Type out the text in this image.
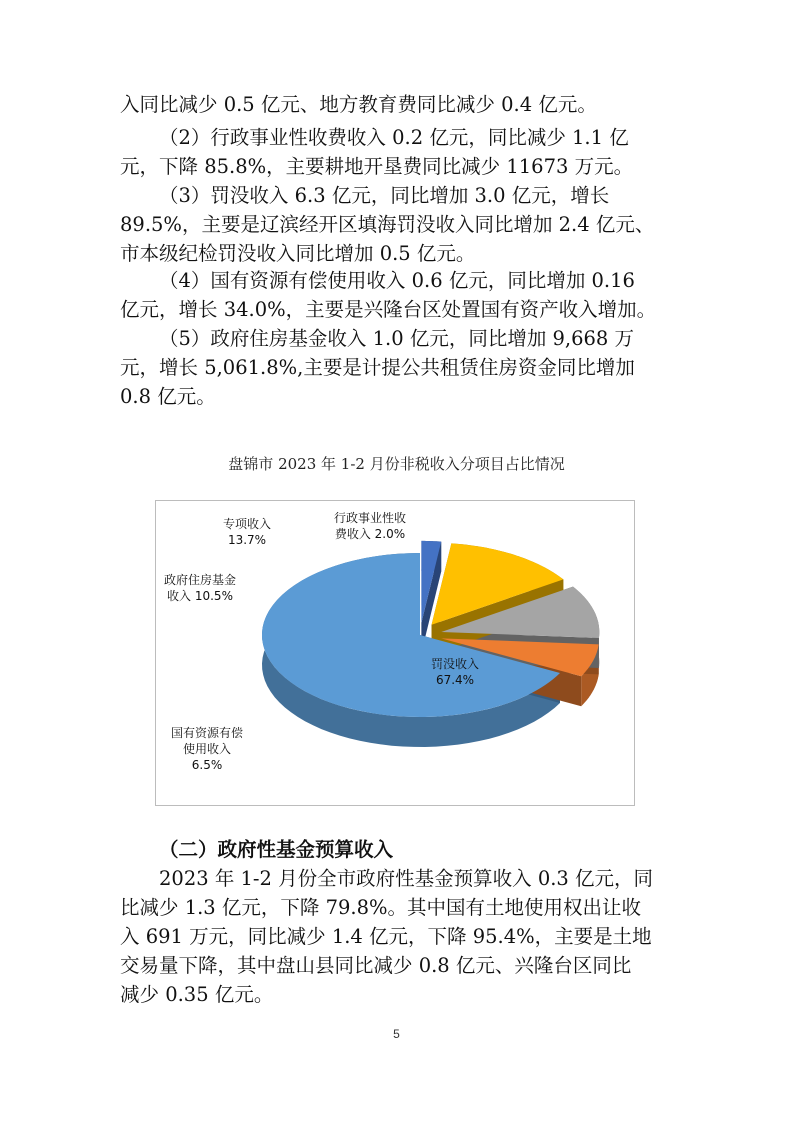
入同比减少 0.5 亿元、地方教育费同比减少 0.4 亿元。

（2）行政事业性收费收入 0.2 亿元，同比减少 1.1 亿
元，下降 85.8%，主要耕地开垦费同比减少 11673 万元。

（3）罚没收入 6.3 亿元，同比增加 3.0 亿元，增长
89.5%，主要是辽滨经开区填海罚没收入同比增加 2.4 亿元、
市本级纪检罚没收入同比增加 0.5 亿元。

（4）国有资源有偿使用收入 0.6 亿元，同比增加 0.16
亿元，增长 34.0%，主要是兴隆台区处置国有资产收入增加。

（5）政府住房基金收入 1.0 亿元，同比增加 9,668 万
元，增长 5,061.8%,主要是计提公共租赁住房资金同比增加
0.8 亿元。

盘锦市 2023 年 1-2 月份非税收入分项目占比情况
罚没收入 67.4%
国有资源有偿使用收入 6.5%
政府住房基金收入 10.5%
专项收入 13.7%
行政事业性收费收入 2.0%
（二）政府性基金预算收入

2023 年 1-2 月份全市政府性基金预算收入 0.3 亿元，同
比减少 1.3 亿元，下降 79.8%。其中国有土地使用权出让收
入 691 万元，同比减少 1.4 亿元，下降 95.4%，主要是土地
交易量下降，其中盘山县同比减少 0.8 亿元、兴隆台区同比
减少 0.35 亿元。

5
